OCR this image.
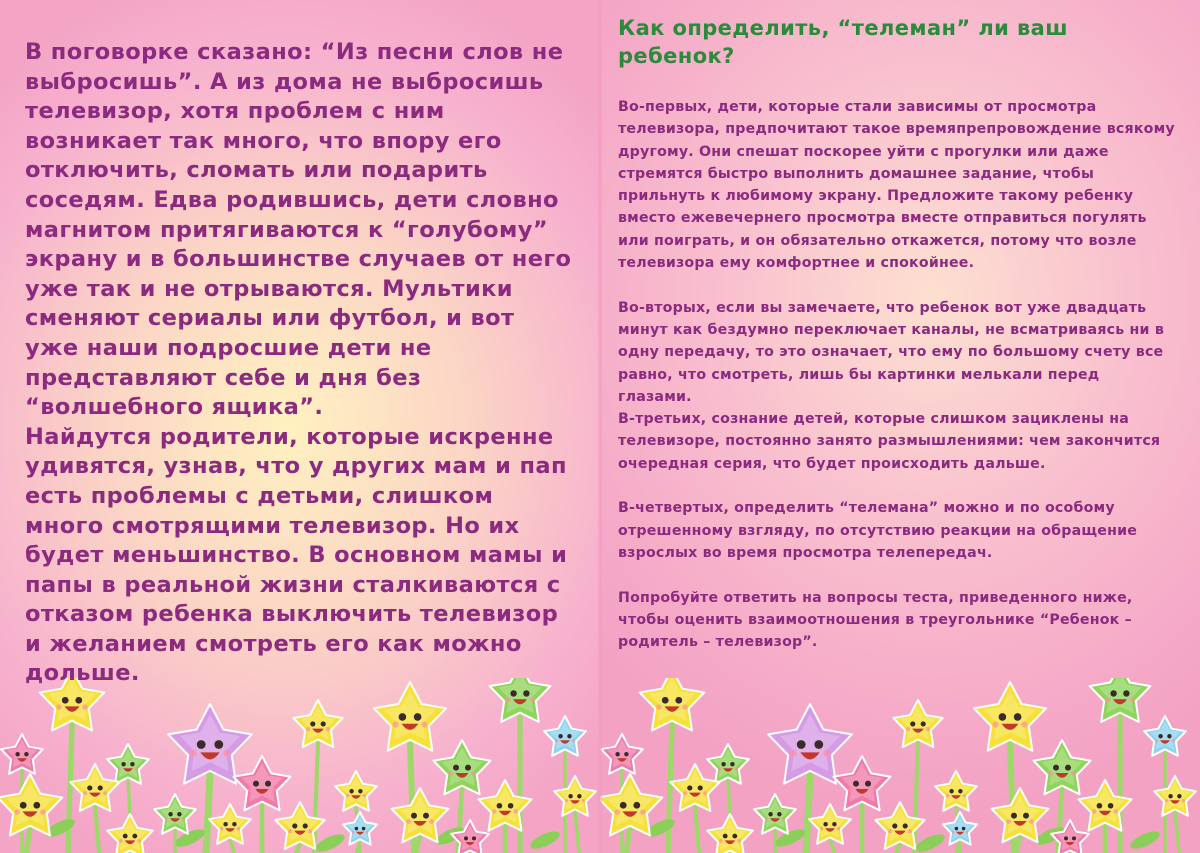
В поговорке сказано: “Из песни слов не выбросишь”. А из дома не выбросишь телевизор, хотя проблем с ним возникает так много, что впору его отключить, сломать или подарить соседям. Едва родившись, дети словно магнитом притягиваются к “голубому” экрану и в большинстве случаев от него уже так и не отрываются. Мультики сменяют сериалы или футбол, и вот уже наши подросшие дети не представляют себе и дня без “волшебного ящика”.
Найдутся родители, которые искренне удивятся, узнав, что у других мам и пап есть проблемы с детьми, слишком много смотрящими телевизор. Но их будет меньшинство. В основном мамы и папы в реальной жизни сталкиваются с отказом ребенка выключить телевизор и желанием смотреть его как можно дольше.
Как определить, “телеман” ли ваш ребенок?
Во-первых, дети, которые стали зависимы от просмотра телевизора, предпочитают такое времяпрепровождение всякому другому. Они спешат поскорее уйти с прогулки или даже стремятся быстро выполнить домашнее задание, чтобы прильнуть к любимому экрану. Предложите такому ребенку вместо ежевечернего просмотра вместе отправиться погулять или поиграть, и он обязательно откажется, потому что возле телевизора ему комфортнее и спокойнее.
Во-вторых, если вы замечаете, что ребенок вот уже двадцать минут как бездумно переключает каналы, не всматриваясь ни в одну передачу, то это означает, что ему по большому счету все равно, что смотреть, лишь бы картинки мелькали перед глазами.
В-третьих, сознание детей, которые слишком зациклены на телевизоре, постоянно занято размышлениями: чем закончится очередная серия, что будет происходить дальше.
В-четвертых, определить “телемана” можно и по особому отрешенному взгляду, по отсутствию реакции на обращение взрослых во время просмотра телепередач.
Попробуйте ответить на вопросы теста, приведенного ниже, чтобы оценить взаимоотношения в треугольнике “Ребенок – родитель – телевизор”.
